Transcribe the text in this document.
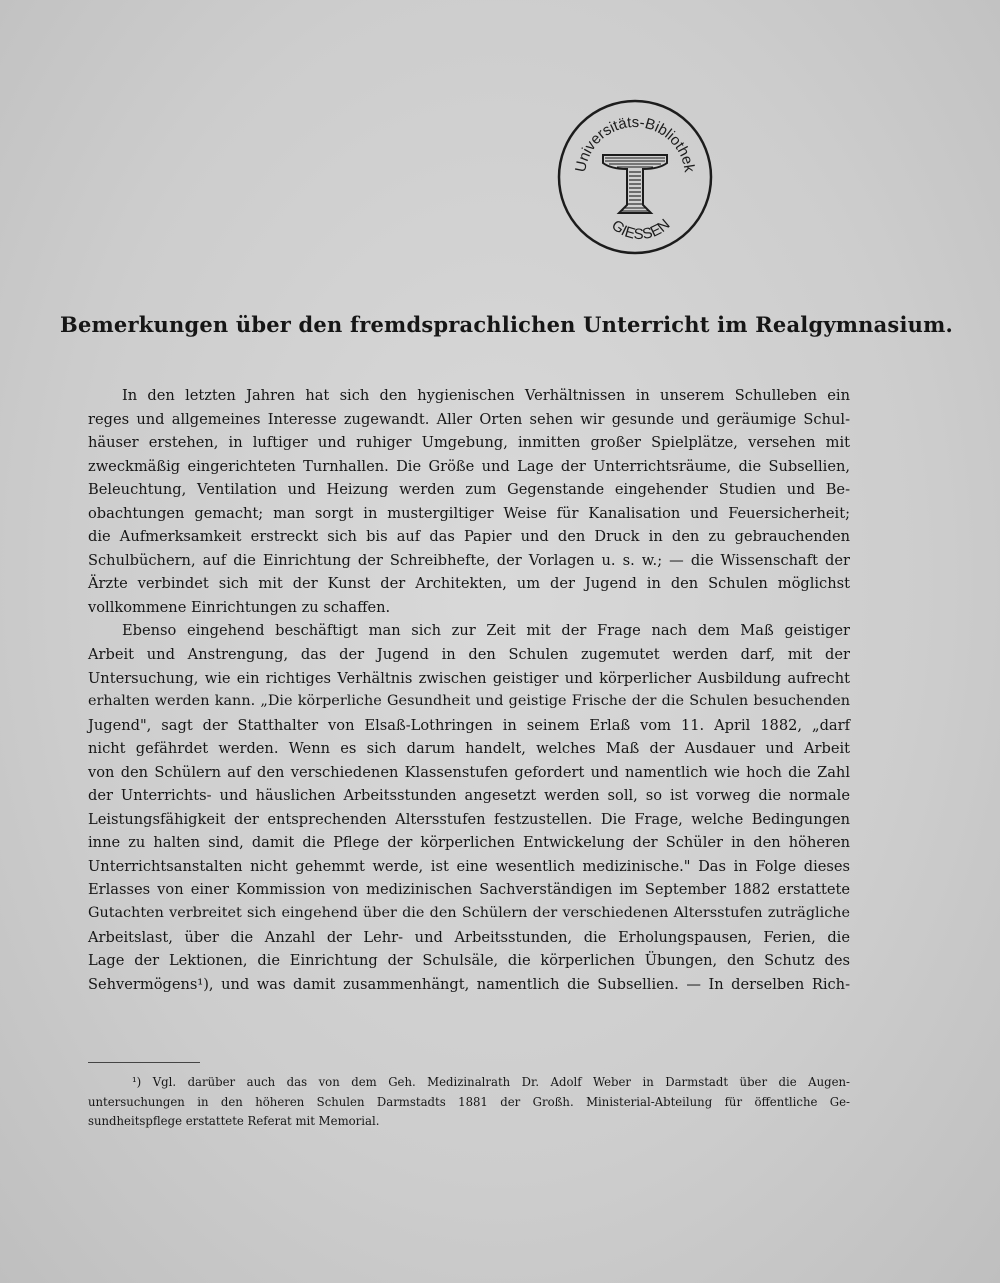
Universitäts-Bibliothek
GIESSEN
Bemerkungen über den fremdsprachlichen Unterricht im Realgymnasium.
In den letzten Jahren hat sich den hygienischen Verhältnissen in unserem Schulleben ein
reges und allgemeines Interesse zugewandt. Aller Orten sehen wir gesunde und geräumige Schul-
häuser erstehen, in luftiger und ruhiger Umgebung, inmitten großer Spielplätze, versehen mit
zweckmäßig eingerichteten Turnhallen. Die Größe und Lage der Unterrichtsräume, die Subsellien,
Beleuchtung, Ventilation und Heizung werden zum Gegenstande eingehender Studien und Be-
obachtungen gemacht; man sorgt in mustergiltiger Weise für Kanalisation und Feuersicherheit;
die Aufmerksamkeit erstreckt sich bis auf das Papier und den Druck in den zu gebrauchenden
Schulbüchern, auf die Einrichtung der Schreibhefte, der Vorlagen u. s. w.; — die Wissenschaft der
Ärzte verbindet sich mit der Kunst der Architekten, um der Jugend in den Schulen möglichst
vollkommene Einrichtungen zu schaffen.
Ebenso eingehend beschäftigt man sich zur Zeit mit der Frage nach dem Maß geistiger
Arbeit und Anstrengung, das der Jugend in den Schulen zugemutet werden darf, mit der
Untersuchung, wie ein richtiges Verhältnis zwischen geistiger und körperlicher Ausbildung aufrecht
erhalten werden kann. „Die körperliche Gesundheit und geistige Frische der die Schulen besuchenden
Jugend", sagt der Statthalter von Elsaß-Lothringen in seinem Erlaß vom 11. April 1882, „darf
nicht gefährdet werden. Wenn es sich darum handelt, welches Maß der Ausdauer und Arbeit
von den Schülern auf den verschiedenen Klassenstufen gefordert und namentlich wie hoch die Zahl
der Unterrichts- und häuslichen Arbeitsstunden angesetzt werden soll, so ist vorweg die normale
Leistungsfähigkeit der entsprechenden Altersstufen festzustellen. Die Frage, welche Bedingungen
inne zu halten sind, damit die Pflege der körperlichen Entwickelung der Schüler in den höheren
Unterrichtsanstalten nicht gehemmt werde, ist eine wesentlich medizinische." Das in Folge dieses
Erlasses von einer Kommission von medizinischen Sachverständigen im September 1882 erstattete
Gutachten verbreitet sich eingehend über die den Schülern der verschiedenen Altersstufen zuträgliche
Arbeitslast, über die Anzahl der Lehr- und Arbeitsstunden, die Erholungspausen, Ferien, die
Lage der Lektionen, die Einrichtung der Schulsäle, die körperlichen Übungen, den Schutz des
Sehvermögens¹), und was damit zusammenhängt, namentlich die Subsellien. — In derselben Rich-
¹) Vgl. darüber auch das von dem Geh. Medizinalrath Dr. Adolf Weber in Darmstadt über die Augen-
untersuchungen in den höheren Schulen Darmstadts 1881 der Großh. Ministerial-Abteilung für öffentliche Ge-
sundheitspflege erstattete Referat mit Memorial.
